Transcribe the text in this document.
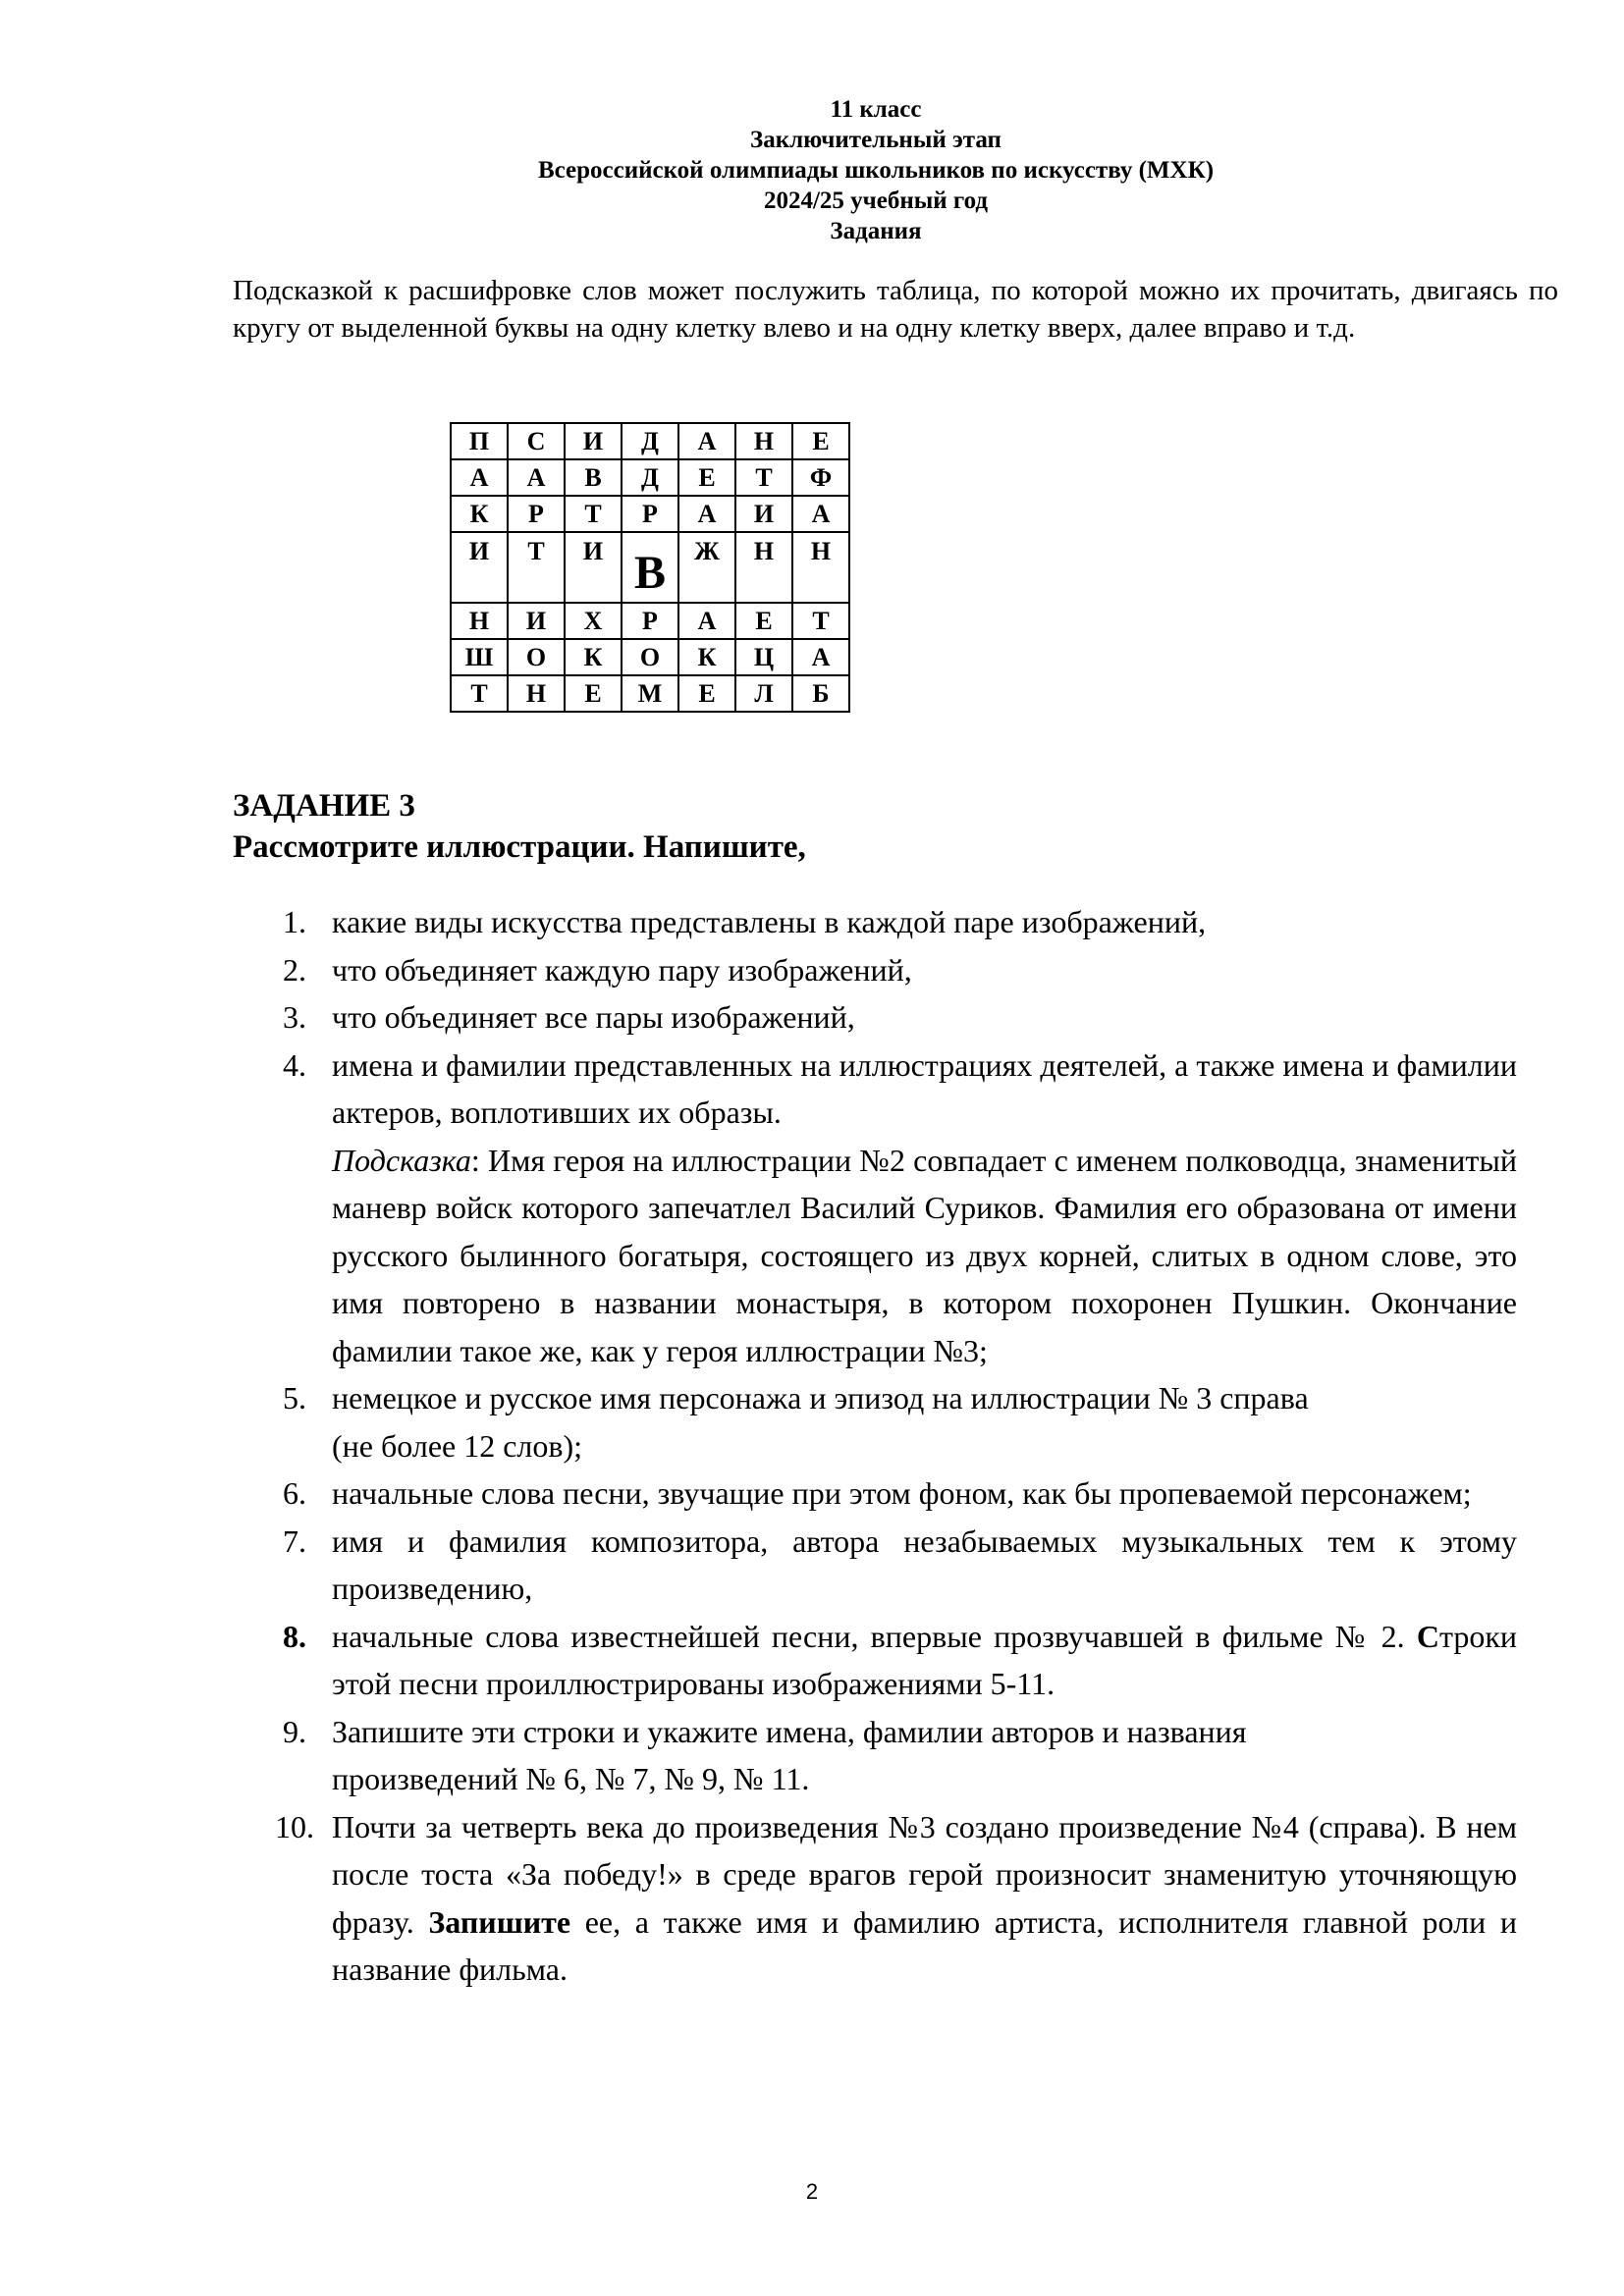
11 класс
Заключительный этап
Всероссийской олимпиады школьников по искусству (МХК)
2024/25 учебный год
Задания
Подсказкой к расшифровке слов может послужить таблица, по которой можно их прочитать, двигаясь по кругу от выделенной буквы на одну клетку влево и на одну клетку вверх, далее вправо и т.д.
П	С	И	Д	А	Н	Е
А	А	В	Д	Е	Т	Ф
К	Р	Т	Р	А	И	А
И	Т	И	В	Ж	Н	Н
Н	И	Х	Р	А	Е	Т
Ш	О	К	О	К	Ц	А
Т	Н	Е	М	Е	Л	Б
ЗАДАНИЕ 3
Рассмотрите иллюстрации. Напишите,
1. какие виды искусства представлены в каждой паре изображений,
2. что объединяет каждую пару изображений,
3. что объединяет все пары изображений,
4. имена и фамилии представленных на иллюстрациях деятелей, а также имена и фамилии актеров, воплотивших их образы.
Подсказка: Имя героя на иллюстрации №2 совпадает с именем полководца, знаменитый маневр войск которого запечатлел Василий Суриков. Фамилия его образована от имени русского былинного богатыря, состоящего из двух корней, слитых в одном слове, это имя повторено в названии монастыря, в котором похоронен Пушкин. Окончание фамилии такое же, как у героя иллюстрации №3;
5. немецкое и русское имя персонажа и эпизод на иллюстрации № 3 справа (не более 12 слов);
6. начальные слова песни, звучащие при этом фоном, как бы пропеваемой персонажем;
7. имя и фамилия композитора, автора незабываемых музыкальных тем к этому произведению,
8. начальные слова известнейшей песни, впервые прозвучавшей в фильме № 2. Строки этой песни проиллюстрированы изображениями 5-11.
9. Запишите эти строки и укажите имена, фамилии авторов и названия произведений № 6, № 7, № 9, № 11.
10. Почти за четверть века до произведения №3 создано произведение №4 (справа). В нем после тоста «За победу!» в среде врагов герой произносит знаменитую уточняющую фразу. Запишите ее, а также имя и фамилию артиста, исполнителя главной роли и название фильма.
2
